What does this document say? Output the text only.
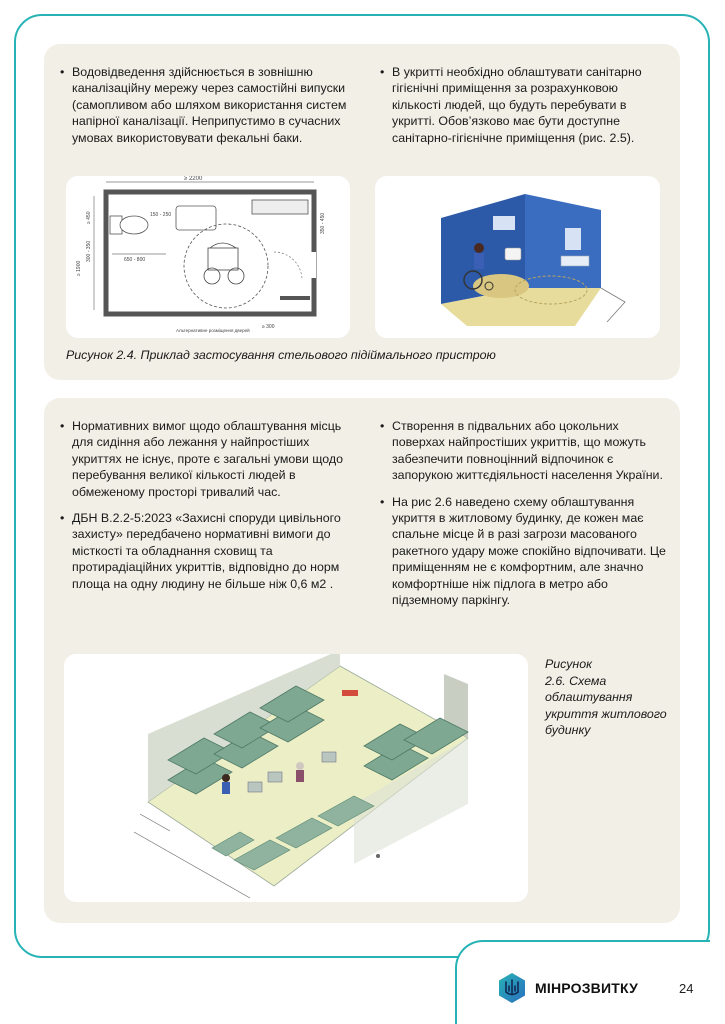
• Водовідведення здійснюється в зовнішню каналізаційну мережу через самостійні випуски (самопливом або шляхом використання систем напірної каналізації. Неприпустимо в сучасних умовах використовувати фекальні баки.
• В укритті необхідно облаштувати санітарно гігієнічні приміщення за розрахунковою кількості людей, що будуть перебувати в укритті. Обов’язково має бути доступне санітарно-гігієнічне приміщення (рис. 2.5).
≥ 2200
150 - 250
650 - 800
≥ 1900
≥ 450
300 - 350
350 - 450
≥ 300
Альтернативне розміщення дверей
Рисунок 2.4. Приклад застосування стельового підіймального пристрою
• Нормативних вимог щодо облаштування місць для сидіння або лежання у найпростіших укриттях не існує, проте є загальні умови щодо перебування великої кількості людей в обмеженому просторі тривалий час.
• ДБН В.2.2-5:2023 «Захисні споруди цивільного захисту» передбачено нормативні вимоги до місткості та обладнання сховищ та протирадіаційних укриттів, відповідно до норм площа на одну людину не більше ніж 0,6 м2 .
• Створення в підвальних або цокольних поверхах найпростіших укриттів, що можуть забезпечити повноцінний відпочинок є запорукою життєдіяльності населення України.
• На рис 2.6 наведено схему облаштування укриття в житловому будинку, де кожен має спальне місце й в разі загрози масованого ракетного удару може спокійно відпочивати. Це приміщенням не є комфортним, але значно комфортніше ніж підлога в метро або підземному паркінгу.
Рисунок
2.6. Схема
облаштування
укриття житлового
будинку
МІНРОЗВИТКУ	24
